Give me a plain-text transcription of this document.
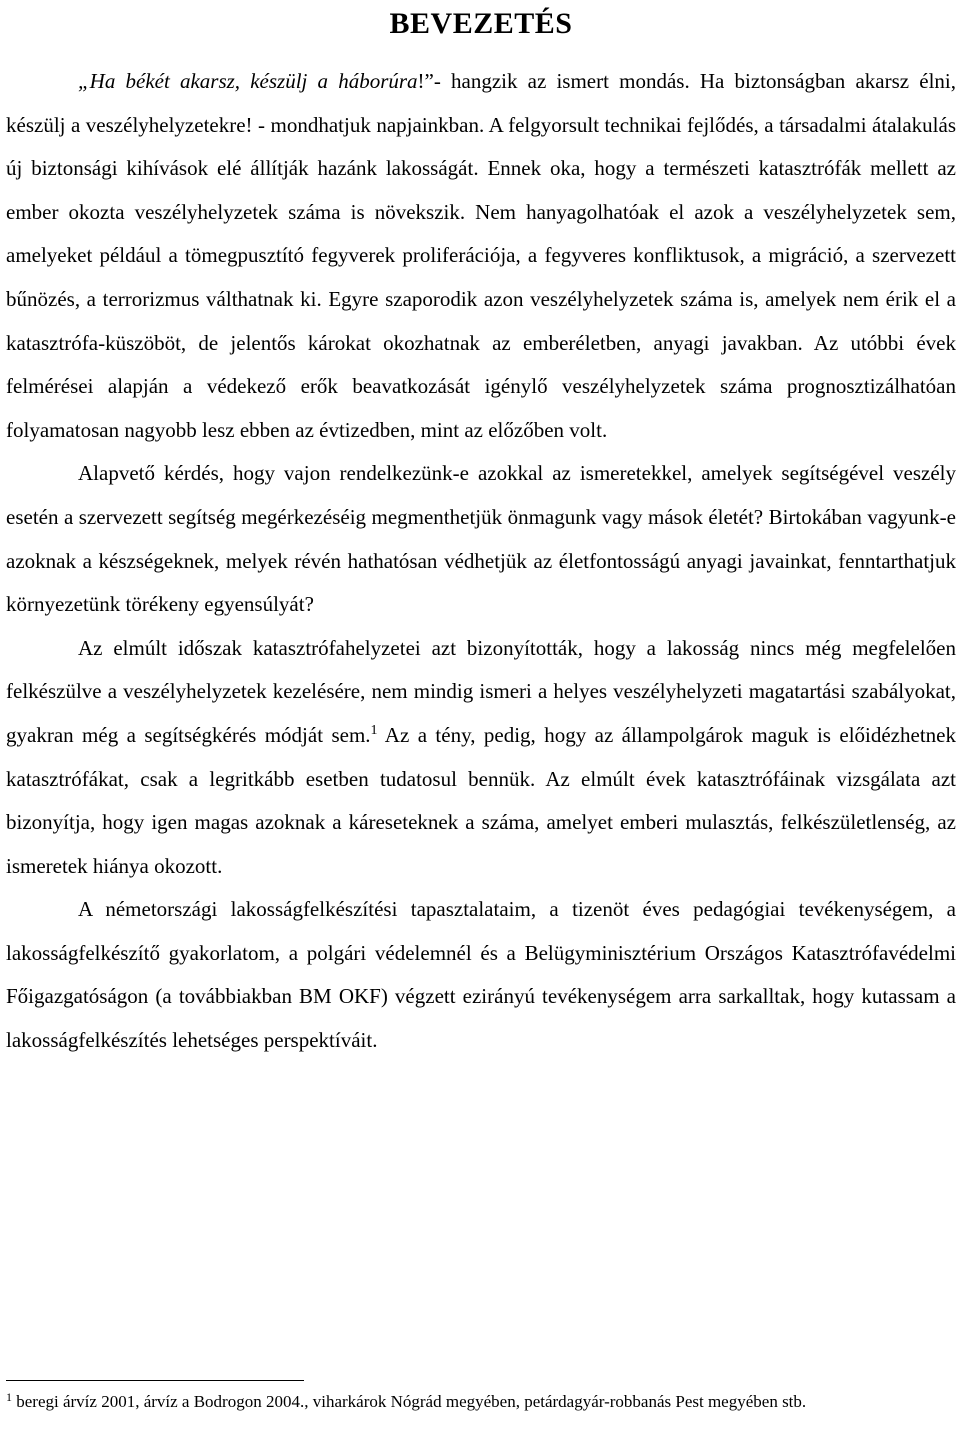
BEVEZETÉS

„Ha békét akarsz, készülj a háborúra!”- hangzik az ismert mondás. Ha biztonságban akarsz élni, készülj a veszélyhelyzetekre! - mondhatjuk napjainkban. A felgyorsult technikai fejlődés, a társadalmi átalakulás új biztonsági kihívások elé állítják hazánk lakosságát. Ennek oka, hogy a természeti katasztrófák mellett az ember okozta veszélyhelyzetek száma is növekszik. Nem hanyagolhatóak el azok a veszélyhelyzetek sem, amelyeket például a tömegpusztító fegyverek proliferációja, a fegyveres konfliktusok, a migráció, a szervezett bűnözés, a terrorizmus válthatnak ki. Egyre szaporodik azon veszélyhelyzetek száma is, amelyek nem érik el a katasztrófa-küszöböt, de jelentős károkat okozhatnak az emberéletben, anyagi javakban. Az utóbbi évek felmérései alapján a védekező erők beavatkozását igénylő veszélyhelyzetek száma prognosztizálhatóan folyamatosan nagyobb lesz ebben az évtizedben, mint az előzőben volt.

Alapvető kérdés, hogy vajon rendelkezünk-e azokkal az ismeretekkel, amelyek segítségével veszély esetén a szervezett segítség megérkezéséig megmenthetjük önmagunk vagy mások életét? Birtokában vagyunk-e azoknak a készségeknek, melyek révén hathatósan védhetjük az életfontosságú anyagi javainkat, fenntarthatjuk környezetünk törékeny egyensúlyát?

Az elmúlt időszak katasztrófahelyzetei azt bizonyították, hogy a lakosság nincs még megfelelően felkészülve a veszélyhelyzetek kezelésére, nem mindig ismeri a helyes veszélyhelyzeti magatartási szabályokat, gyakran még a segítségkérés módját sem.$^1$ Az a tény, pedig, hogy az állampolgárok maguk is előidézhetnek katasztrófákat, csak a legritkább esetben tudatosul bennük. Az elmúlt évek katasztrófáinak vizsgálata azt bizonyítja, hogy igen magas azoknak a káreseteknek a száma, amelyet emberi mulasztás, felkészületlenség, az ismeretek hiánya okozott.

A németországi lakosságfelkészítési tapasztalataim, a tizenöt éves pedagógiai tevékenységem, a lakosságfelkészítő gyakorlatom, a polgári védelemnél és a Belügyminisztérium Országos Katasztrófavédelmi Főigazgatóságon (a továbbiakban BM OKF) végzett ezirányú tevékenységem arra sarkalltak, hogy kutassam a lakosságfelkészítés lehetséges perspektíváit.

$^1$ beregi árvíz 2001, árvíz a Bodrogon 2004., viharkárok Nógrád megyében, petárdagyár-robbanás Pest megyében stb.
